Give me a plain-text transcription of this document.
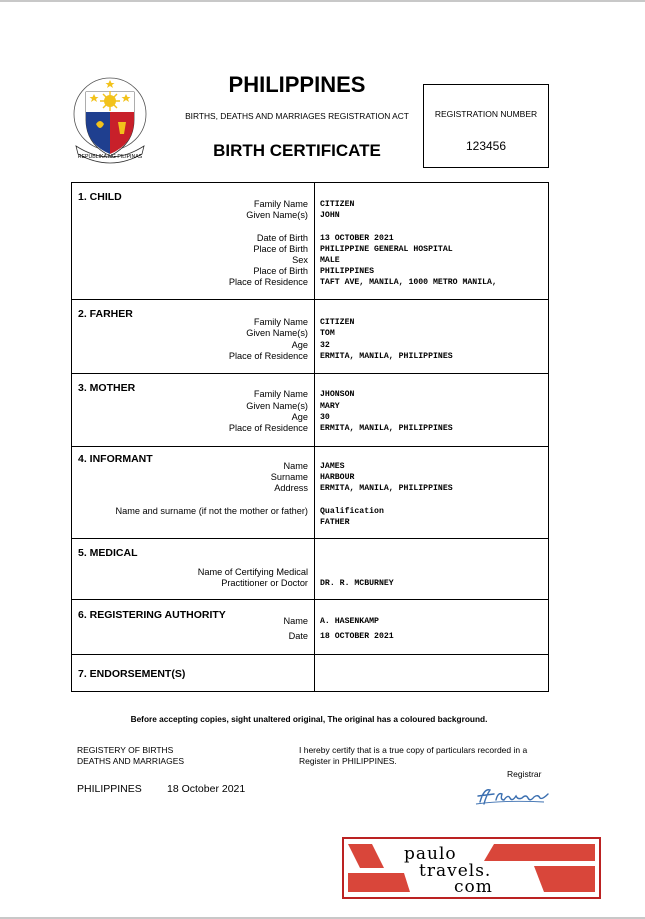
REPUBLIKA NG PILIPINAS
PHILIPPINES
BIRTHS, DEATHS AND MARRIAGES REGISTRATION ACT
BIRTH CERTIFICATE
REGISTRATION NUMBER
123456
1. CHILD
Family Name
Given Name(s)
Date of Birth
Place of Birth
Sex
Place of Birth
Place of Residence
CITIZEN
JOHN
13 OCTOBER 2021
PHILIPPINE GENERAL HOSPITAL
MALE
PHILIPPINES
TAFT AVE, MANILA, 1000 METRO MANILA,
2. FARHER
Family Name
Given Name(s)
Age
Place of Residence
CITIZEN
TOM
32
ERMITA, MANILA, PHILIPPINES
3. MOTHER	Family Name
Given Name(s)
Age
Place of Residence
JHONSON
MARY
30
ERMITA, MANILA, PHILIPPINES
4. INFORMANT
Name
Surname
Address
Name and surname (if not the mother or father)
JAMES
HARBOUR
ERMITA, MANILA, PHILIPPINES
Qualification
FATHER
5. MEDICAL
Name of Certifying Medical
Practitioner or Doctor DR. R. MCBURNEY
6. REGISTERING AUTHORITY	Name
Date
A. HASENKAMP
18 OCTOBER 2021
7. ENDORSEMENT(S)
Before accepting copies, sight unaltered original, The original has a coloured background.
REGISTERY OF BIRTHS
DEATHS AND MARRIAGES
I hereby certify that is a true copy of particulars recorded in a
Register in PHILIPPINES.
Registrar
PHILIPPINES 18 October 2021
paulo
travels.
com
